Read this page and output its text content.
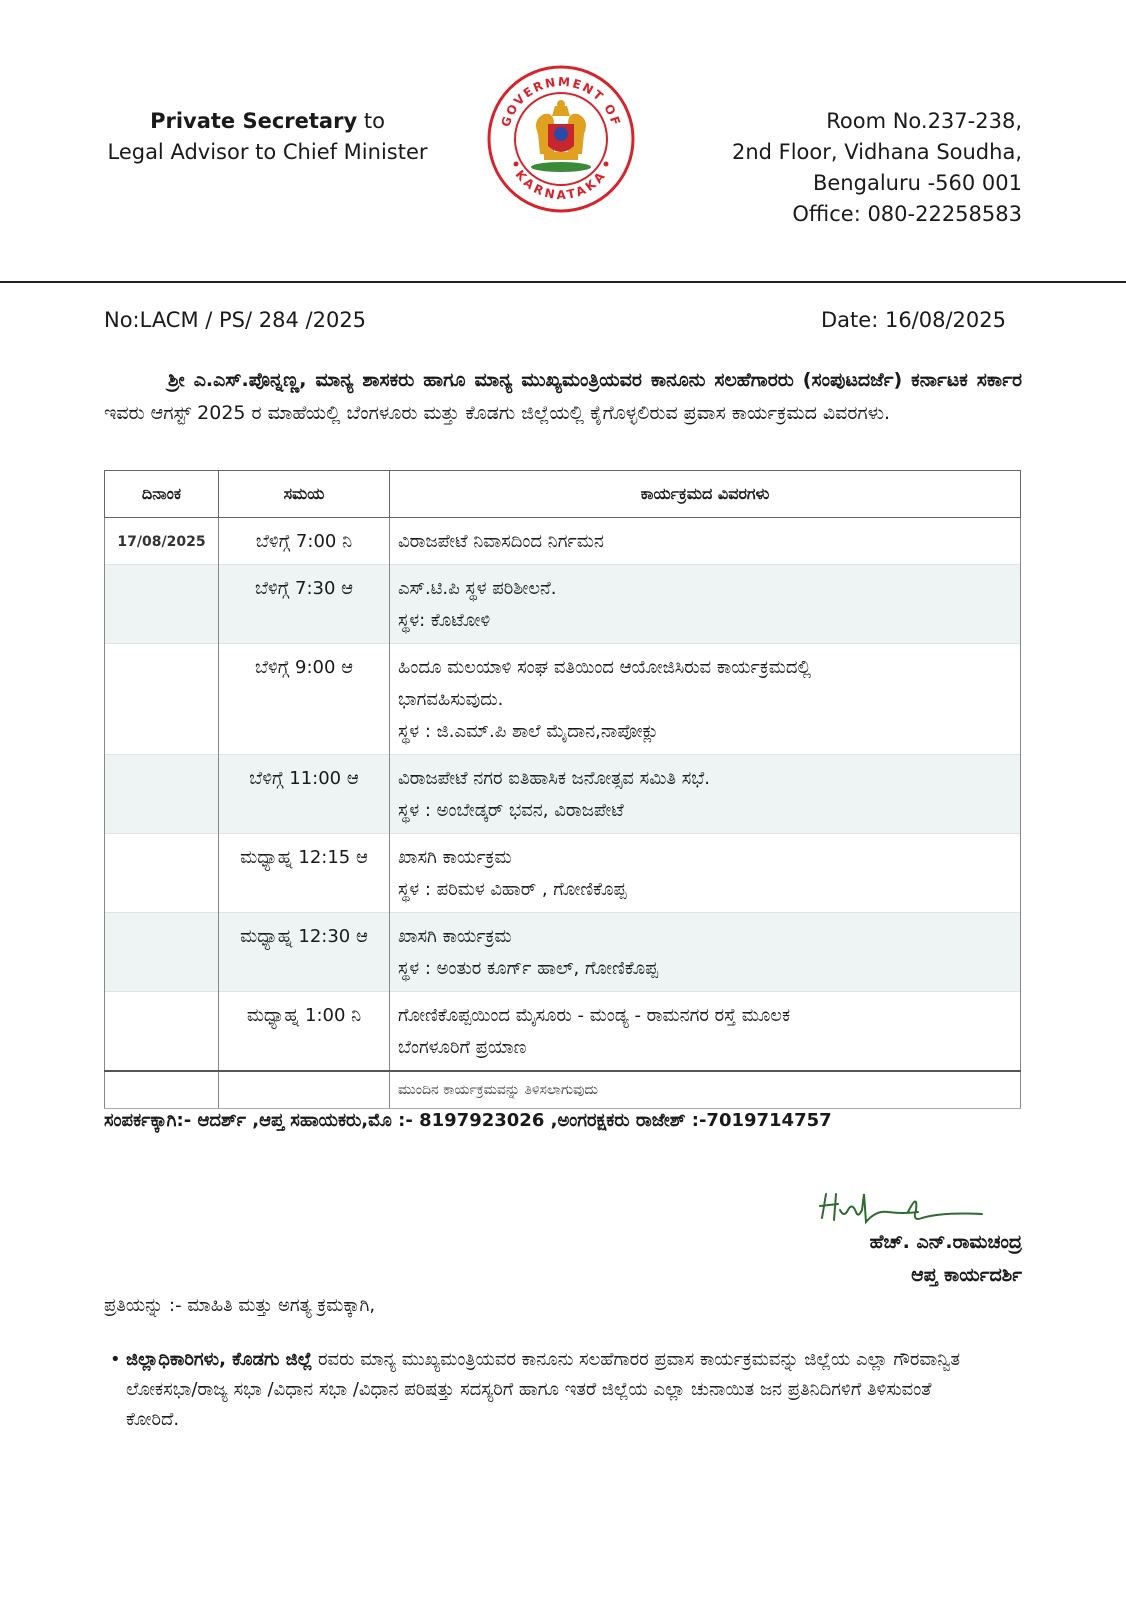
Private Secretary to
Legal Advisor to Chief Minister
GOVERNMENT OF
KARNATAKA
Room No.237-238,
2nd Floor, Vidhana Soudha,
Bengaluru -560 001
Office: 080-22258583
No:LACM / PS/ 284 /2025	Date: 16/08/2025
ಶ್ರೀ ಎ.ಎಸ್.ಪೊನ್ನಣ್ಣ, ಮಾನ್ಯ ಶಾಸಕರು ಹಾಗೂ ಮಾನ್ಯ ಮುಖ್ಯಮಂತ್ರಿಯವರ ಕಾನೂನು ಸಲಹೆಗಾರರು (ಸಂಪುಟದರ್ಜೆ) ಕರ್ನಾಟಕ ಸರ್ಕಾರ ಇವರು ಆಗಸ್ಟ್ 2025 ರ ಮಾಹೆಯಲ್ಲಿ ಬೆಂಗಳೂರು ಮತ್ತು ಕೊಡಗು ಜಿಲ್ಲೆಯಲ್ಲಿ ಕೈಗೊಳ್ಳಲಿರುವ ಪ್ರವಾಸ ಕಾರ್ಯಕ್ರಮದ ವಿವರಗಳು.
ದಿನಾಂಕ	ಸಮಯ	ಕಾರ್ಯಕ್ರಮದ ವಿವರಗಳು
17/08/2025	ಬೆಳಿಗ್ಗೆ 7:00 ನಿ	ವಿರಾಜಪೇಟೆ ನಿವಾಸದಿಂದ ನಿರ್ಗಮನ

	ಬೆಳಿಗ್ಗೆ 7:30 ಆ	ಎಸ್.ಟಿ.ಪಿ ಸ್ಥಳ ಪರಿಶೀಲನೆ.
ಸ್ಥಳ: ಕೊಟೋಳಿ

	ಬೆಳಿಗ್ಗೆ 9:00 ಆ	ಹಿಂದೂ ಮಲಯಾಳಿ ಸಂಘ ವತಿಯಿಂದ ಆಯೋಜಿಸಿರುವ ಕಾರ್ಯಕ್ರಮದಲ್ಲಿ
ಭಾಗವಹಿಸುವುದು.
ಸ್ಥಳ : ಜಿ.ಎಮ್.ಪಿ ಶಾಲೆ ಮೈದಾನ,ನಾಪೋಕ್ಲು

	ಬೆಳಿಗ್ಗೆ 11:00 ಆ	ವಿರಾಜಪೇಟೆ ನಗರ ಐತಿಹಾಸಿಕ ಜನೋತ್ಸವ ಸಮಿತಿ ಸಭೆ.
ಸ್ಥಳ : ಅಂಬೇಡ್ಕರ್ ಭವನ, ವಿರಾಜಪೇಟೆ

	ಮಧ್ಯಾಹ್ನ 12:15 ಆ	ಖಾಸಗಿ ಕಾರ್ಯಕ್ರಮ
ಸ್ಥಳ : ಪರಿಮಳ ವಿಹಾರ್ , ಗೋಣಿಕೊಪ್ಪ

	ಮಧ್ಯಾಹ್ನ 12:30 ಆ	ಖಾಸಗಿ ಕಾರ್ಯಕ್ರಮ
ಸ್ಥಳ : ಅಂತುರ ಕೂರ್ಗ್ ಹಾಲ್, ಗೋಣಿಕೊಪ್ಪ

	ಮಧ್ಯಾಹ್ನ 1:00 ನಿ	ಗೋಣಿಕೊಪ್ಪಯಿಂದ ಮೈಸೂರು - ಮಂಡ್ಯ - ರಾಮನಗರ ರಸ್ತೆ ಮೂಲಕ
ಬೆಂಗಳೂರಿಗೆ ಪ್ರಯಾಣ

		ಮುಂದಿನ ಕಾರ್ಯಕ್ರಮವನ್ನು ತಿಳಿಸಲಾಗುವುದು
ಸಂಪರ್ಕಕ್ಕಾಗಿ:- ಆದರ್ಶ್ ,ಆಪ್ತ ಸಹಾಯಕರು,ಮೊ :- 8197923026 ,ಅಂಗರಕ್ಷಕರು ರಾಜೇಶ್ :-7019714757
ಹೆಚ್. ಎನ್.ರಾಮಚಂದ್ರ
ಆಪ್ತ ಕಾರ್ಯದರ್ಶಿ
ಪ್ರತಿಯನ್ನು :- ಮಾಹಿತಿ ಮತ್ತು ಅಗತ್ಯ ಕ್ರಮಕ್ಕಾಗಿ,
• ಜಿಲ್ಲಾಧಿಕಾರಿಗಳು, ಕೊಡಗು ಜಿಲ್ಲೆ ರವರು ಮಾನ್ಯ ಮುಖ್ಯಮಂತ್ರಿಯವರ ಕಾನೂನು ಸಲಹೆಗಾರರ ಪ್ರವಾಸ ಕಾರ್ಯಕ್ರಮವನ್ನು ಜಿಲ್ಲೆಯ ಎಲ್ಲಾ ಗೌರವಾನ್ವಿತ ಲೋಕಸಭಾ/ರಾಜ್ಯ ಸಭಾ /ವಿಧಾನ ಸಭಾ /ವಿಧಾನ ಪರಿಷತ್ತು ಸದಸ್ಯರಿಗೆ ಹಾಗೂ ಇತರೆ ಜಿಲ್ಲೆಯ ಎಲ್ಲಾ ಚುನಾಯಿತ ಜನ ಪ್ರತಿನಿದಿಗಳಿಗೆ ತಿಳಿಸುವಂತೆ ಕೋರಿದೆ.
